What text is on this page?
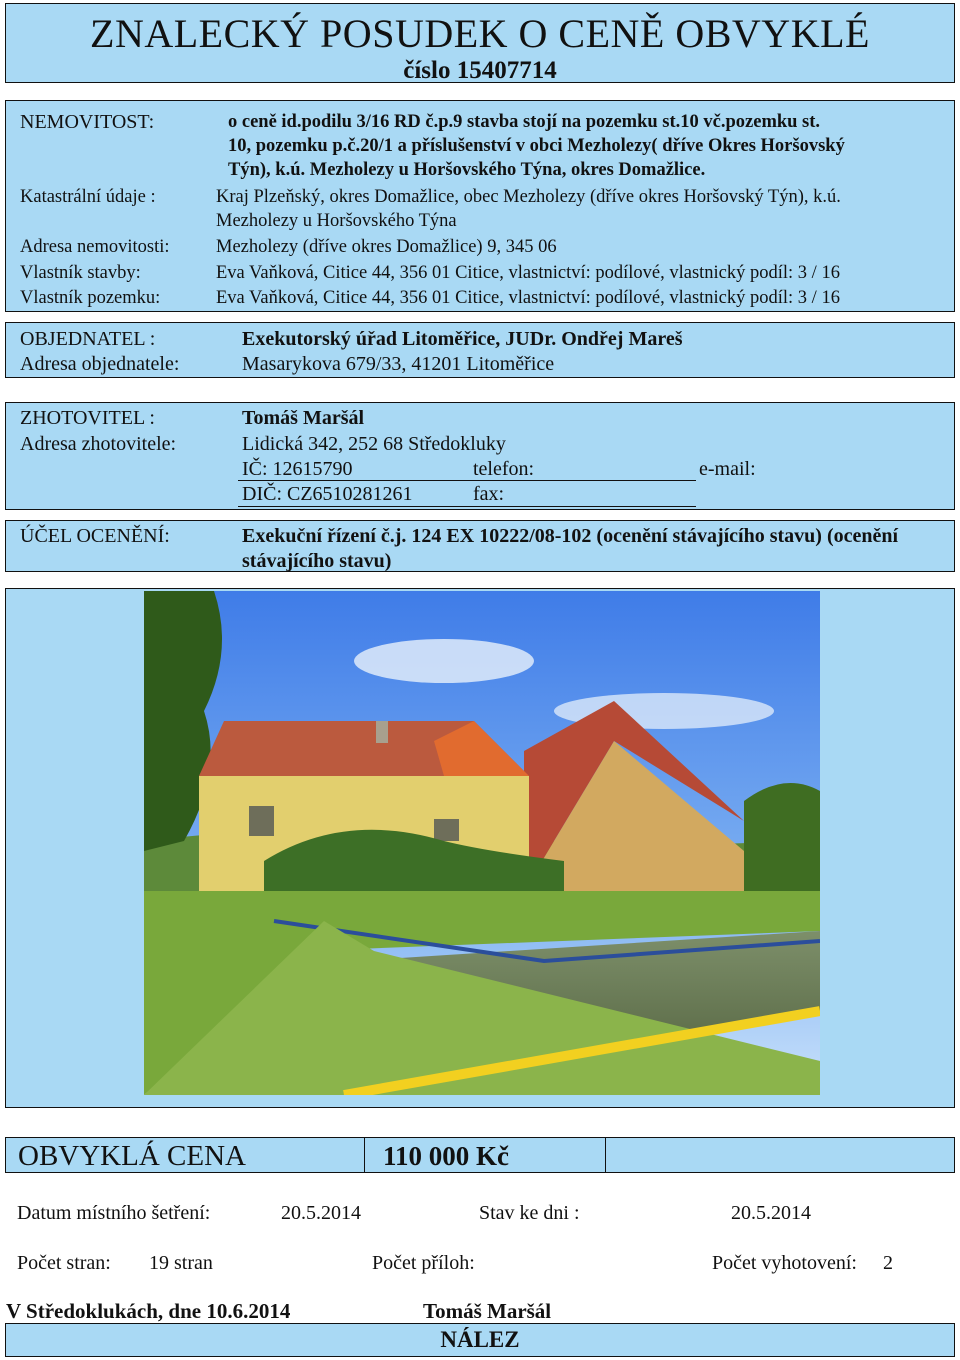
ZNALECKÝ POSUDEK O CENĚ OBVYKLÉ
číslo 15407714
NEMOVITOST:	o ceně id.podilu 3/16 RD č.p.9 stavba stojí na pozemku st.10 vč.pozemku st.
10, pozemku p.č.20/1 a příslušenství v obci Mezholezy( dříve Okres Horšovský
Týn), k.ú. Mezholezy u Horšovského Týna, okres Domažlice.
Katastrální údaje :	Kraj Plzeňský, okres Domažlice, obec Mezholezy (dříve okres Horšovský Týn), k.ú.
Mezholezy u Horšovského Týna
Adresa nemovitosti:	Mezholezy (dříve okres Domažlice) 9, 345 06
Vlastník stavby:	Eva Vaňková, Citice 44, 356 01 Citice, vlastnictví: podílové, vlastnický podíl: 3 / 16
Vlastník pozemku:	Eva Vaňková, Citice 44, 356 01 Citice, vlastnictví: podílové, vlastnický podíl: 3 / 16
OBJEDNATEL :	Exekutorský úřad Litoměřice, JUDr. Ondřej Mareš
Adresa objednatele:	Masarykova 679/33, 41201 Litoměřice
ZHOTOVITEL :	Tomáš Maršál
Adresa zhotovitele:	Lidická 342, 252 68 Středokluky
IČ: 12615790	telefon:	e-mail:
DIČ: CZ6510281261	fax:
ÚČEL OCENĚNÍ:	Exekuční řízení č.j. 124 EX 10222/08-102 (ocenění stávajícího stavu) (ocenění
stávajícího stavu)
OBVYKLÁ CENA	110 000 Kč
Datum místního šetření:	20.5.2014	Stav ke dni :	20.5.2014
Počet stran: 19 stran	Počet příloh:	Počet vyhotovení: 2
V Středoklukách, dne 10.6.2014	Tomáš Maršál
NÁLEZ
